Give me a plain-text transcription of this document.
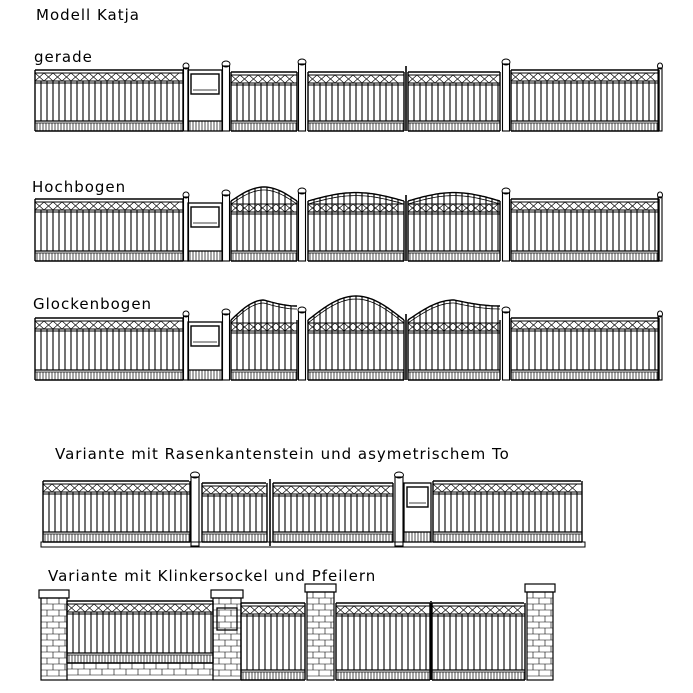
Modell Katja
gerade
Hochbogen
Glockenbogen
Variante mit Rasenkantenstein und asymetrischem To
Variante mit Klinkersockel und Pfeilern
